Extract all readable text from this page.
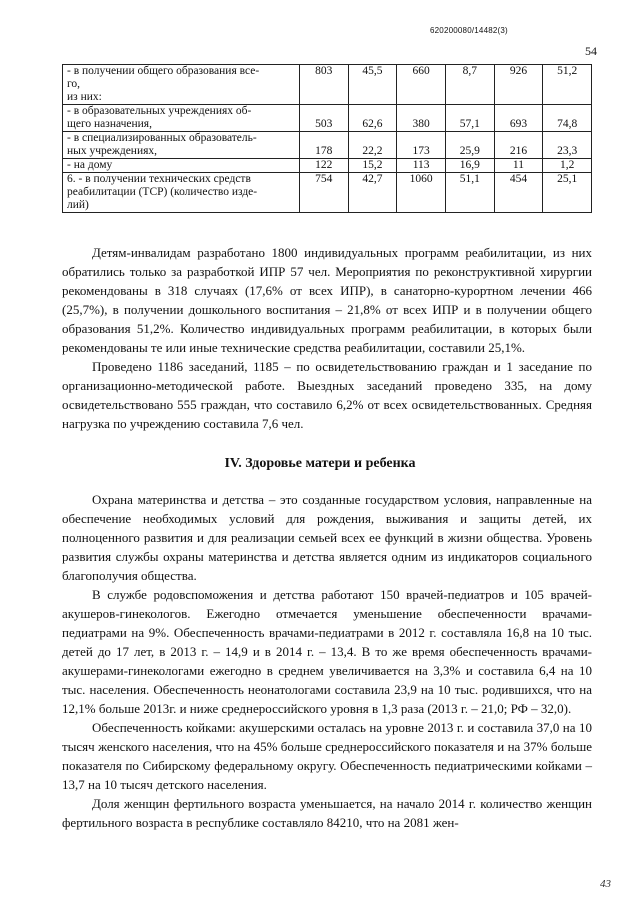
620200080/14482(3)
54
- в получении общего образования все-
го,
из них:	803	45,5	660	8,7	926	51,2

- в образовательных учреждениях об-
щего назначения,	503	62,6	380	57,1	693	74,8

- в специализированных образователь-
ных учреждениях,	178	22,2	173	25,9	216	23,3

- на дому	122	15,2	113	16,9	11	1,2

6. - в получении технических средств
реабилитации (ТСР) (количество изде-
лий)	754	42,7	1060	51,1	454	25,1

Детям-инвалидам разработано 1800 индивидуальных программ реабилитации, из них обратились только за разработкой ИПР 57 чел. Мероприятия по реконструктивной хирургии рекомендованы в 318 случаях (17,6% от всех ИПР), в санаторно-курортном лечении 466 (25,7%), в получении дошкольного воспитания – 21,8% от всех ИПР и в получении общего образования 51,2%. Количество индивидуальных программ реабилитации, в которых были рекомендованы те или иные технические средства реабилитации, составили 25,1%.

Проведено 1186 заседаний, 1185 – по освидетельствованию граждан и 1 заседание по организационно-методической работе. Выездных заседаний проведено 335, на дому освидетельствовано 555 граждан, что составило 6,2% от всех освидетельствованных. Средняя нагрузка по учреждению составила 7,6 чел.

IV. Здоровье матери и ребенка

Охрана материнства и детства – это созданные государством условия, направленные на обеспечение необходимых условий для рождения, выживания и защиты детей, их полноценного развития и для реализации семьей всех ее функций в жизни общества. Уровень развития службы охраны материнства и детства является одним из индикаторов социального благополучия общества.

В службе родовспоможения и детства работают 150 врачей-педиатров и 105 врачей-акушеров-гинекологов. Ежегодно отмечается уменьшение обеспеченности врачами-педиатрами на 9%. Обеспеченность врачами-педиатрами в 2012 г. составляла 16,8 на 10 тыс. детей до 17 лет, в 2013 г. – 14,9 и в 2014 г. – 13,4. В то же время обеспеченность врачами-акушерами-гинекологами ежегодно в среднем увеличивается на 3,3% и составила 6,4 на 10 тыс. населения. Обеспеченность неонатологами составила 23,9 на 10 тыс. родившихся, что на 12,1% больше 2013г. и ниже среднероссийского уровня в 1,3 раза (2013 г. – 21,0; РФ – 32,0).

Обеспеченность койками: акушерскими осталась на уровне 2013 г. и составила 37,0 на 10 тысяч женского населения, что на 45% больше среднероссийского показателя и на 37% больше показателя по Сибирскому федеральному округу. Обеспеченность педиатрическими койками – 13,7 на 10 тысяч детского населения.

Доля женщин фертильного возраста уменьшается, на начало 2014 г. количество женщин фертильного возраста в республике составляло 84210, что на 2081 жен-

43
